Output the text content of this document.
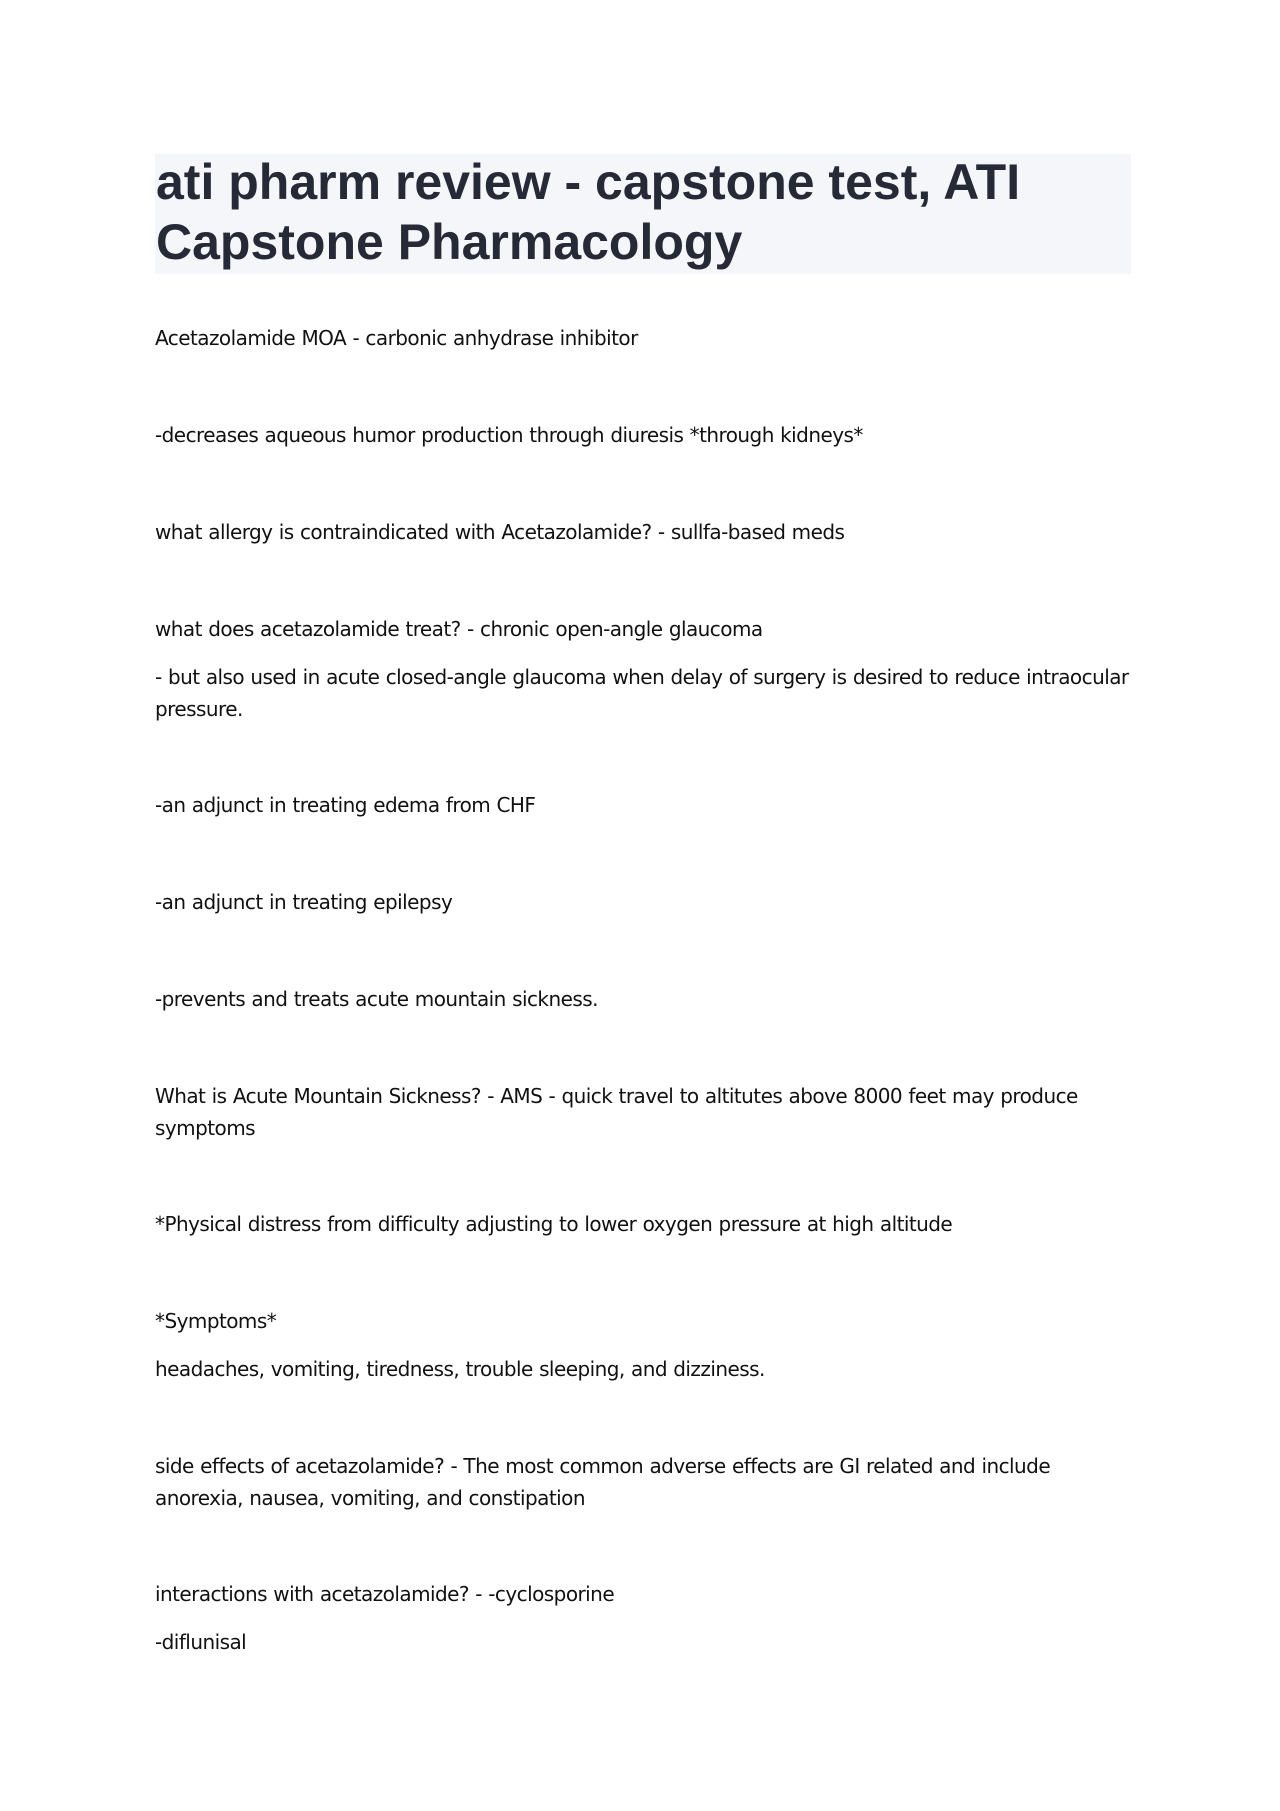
ati pharm review - capstone test, ATI Capstone Pharmacology

Acetazolamide MOA - carbonic anhydrase inhibitor

-decreases aqueous humor production through diuresis *through kidneys*

what allergy is contraindicated with Acetazolamide? - sullfa-based meds

what does acetazolamide treat? - chronic open-angle glaucoma

- but also used in acute closed-angle glaucoma when delay of surgery is desired to reduce intraocular pressure.

-an adjunct in treating edema from CHF

-an adjunct in treating epilepsy

-prevents and treats acute mountain sickness.

What is Acute Mountain Sickness? - AMS - quick travel to altitutes above 8000 feet may produce symptoms

*Physical distress from difficulty adjusting to lower oxygen pressure at high altitude

*Symptoms*

headaches, vomiting, tiredness, trouble sleeping, and dizziness.

side effects of acetazolamide? - The most common adverse effects are GI related and include anorexia, nausea, vomiting, and constipation

interactions with acetazolamide? - -cyclosporine

-diflunisal
